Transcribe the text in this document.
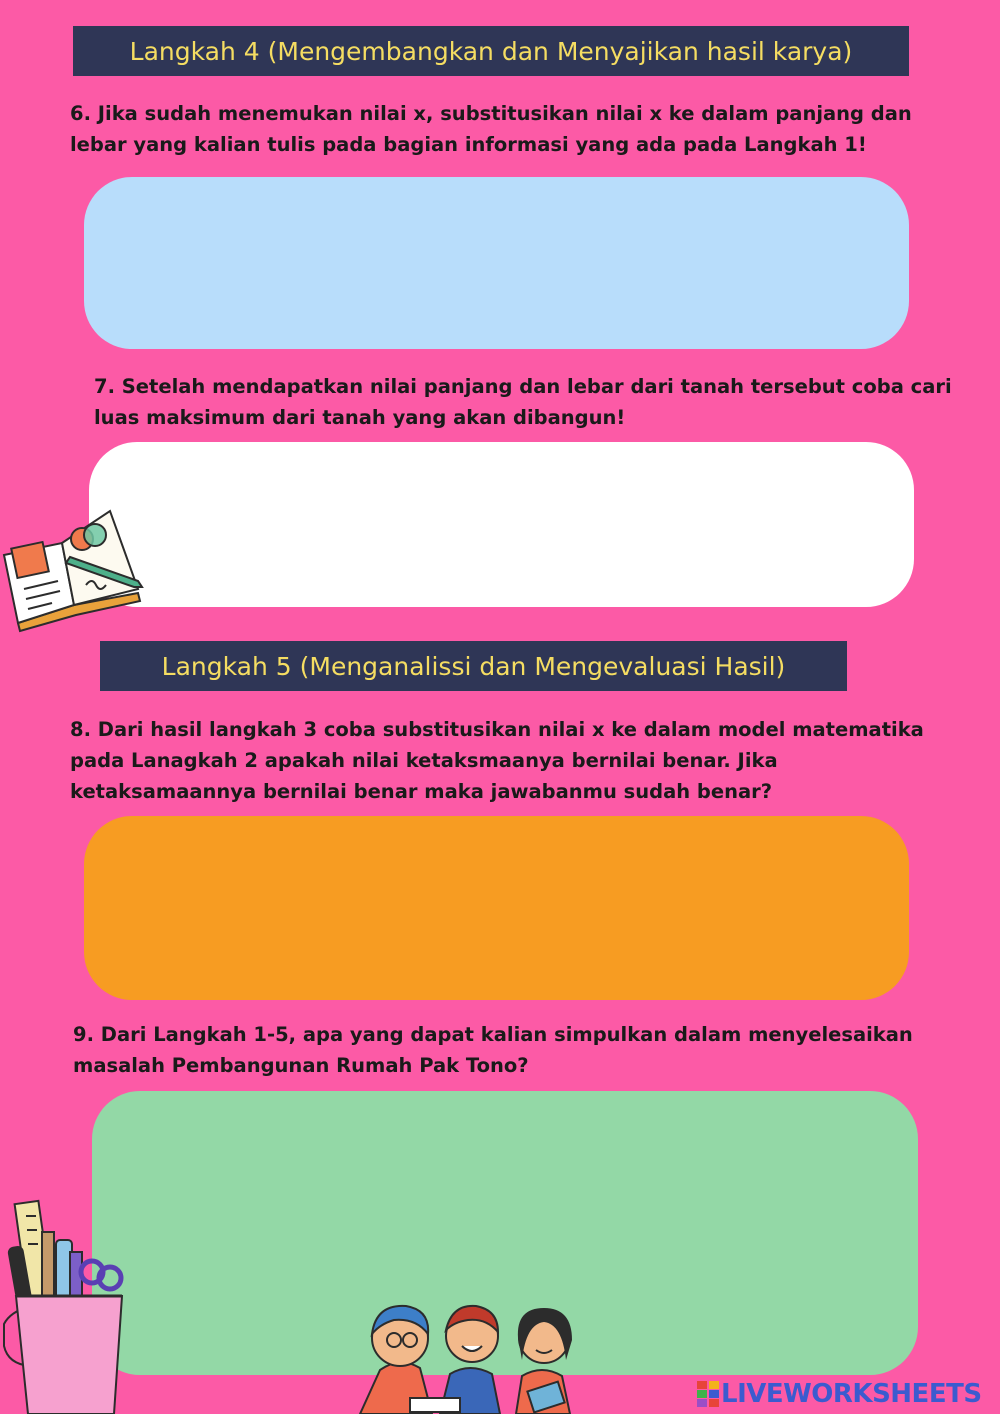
Langkah 4 (Mengembangkan dan Menyajikan hasil karya)

6. Jika sudah menemukan nilai x, substitusikan nilai x ke dalam panjang dan
lebar yang kalian tulis pada bagian informasi yang ada pada Langkah 1!

7. Setelah mendapatkan nilai panjang dan lebar dari tanah tersebut coba cari
luas maksimum dari tanah yang akan dibangun!

Langkah 5 (Menganalissi dan Mengevaluasi Hasil)

8. Dari hasil langkah 3 coba substitusikan nilai x ke dalam model matematika
pada Lanagkah 2 apakah nilai ketaksmaanya bernilai benar. Jika
ketaksamaannya bernilai benar maka jawabanmu sudah benar?

9. Dari Langkah 1-5, apa yang dapat kalian simpulkan dalam menyelesaikan
masalah Pembangunan Rumah Pak Tono?

LIVEWORKSHEETS
